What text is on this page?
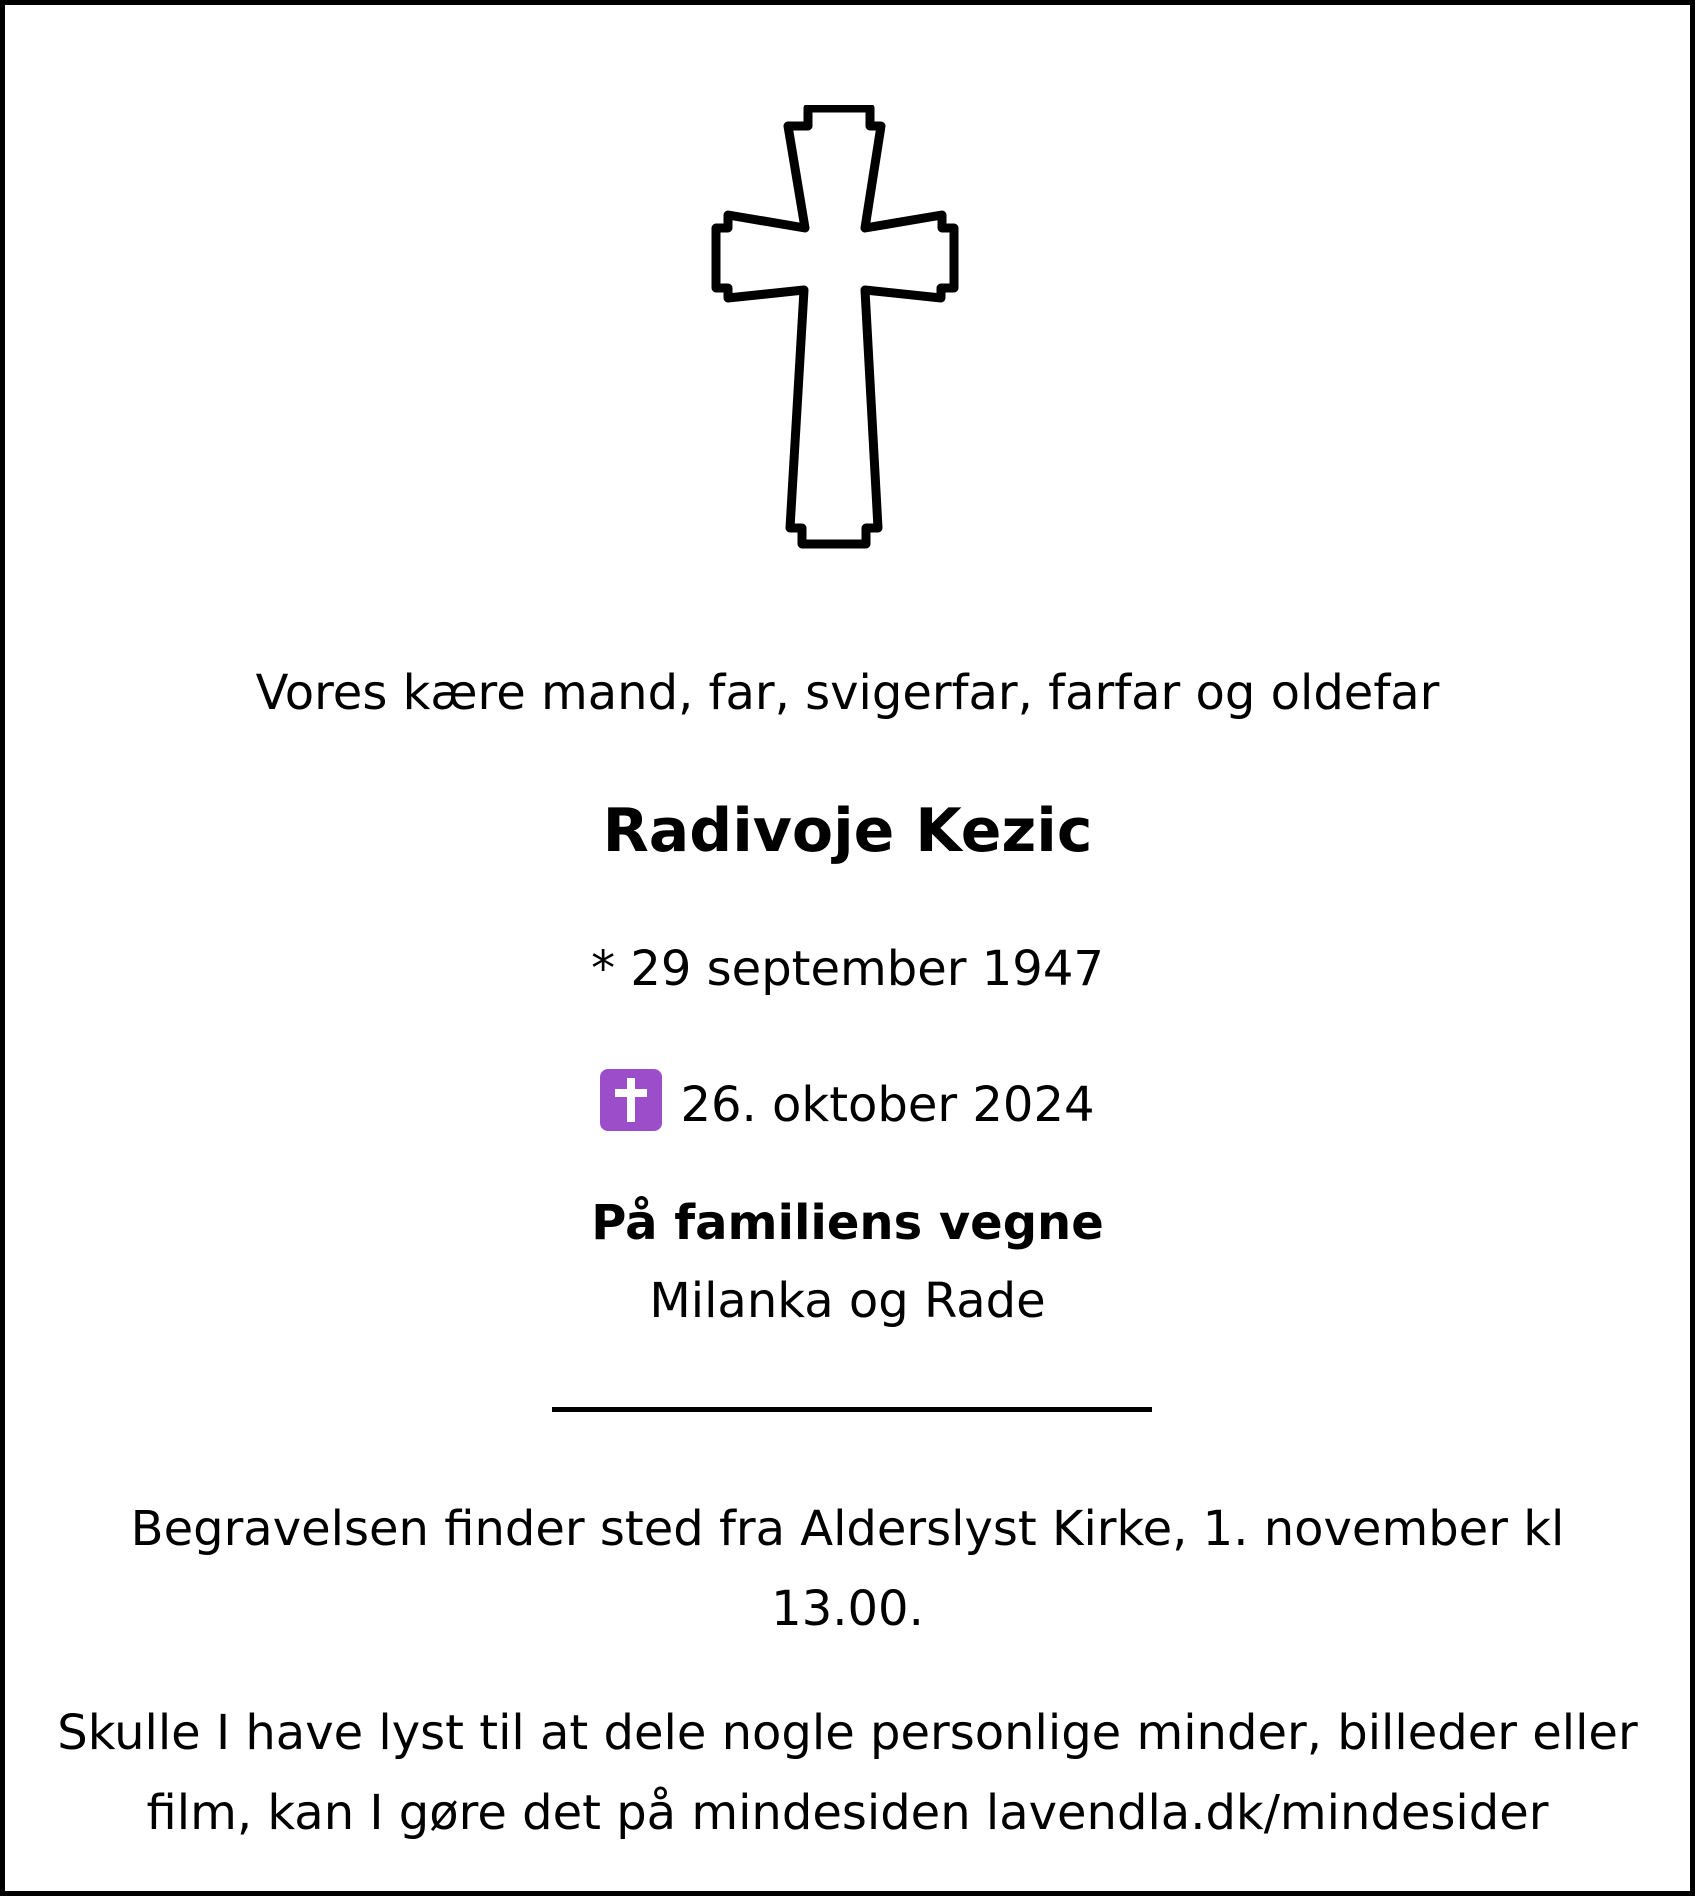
Vores kære mand, far, svigerfar, farfar og oldefar
Radivoje Kezic
* 29 september 1947
26. oktober 2024
På familiens vegne
Milanka og Rade
Begravelsen finder sted fra Alderslyst Kirke, 1. november kl 13.00.
Skulle I have lyst til at dele nogle personlige minder, billeder eller film, kan I gøre det på mindesiden lavendla.dk/mindesider
